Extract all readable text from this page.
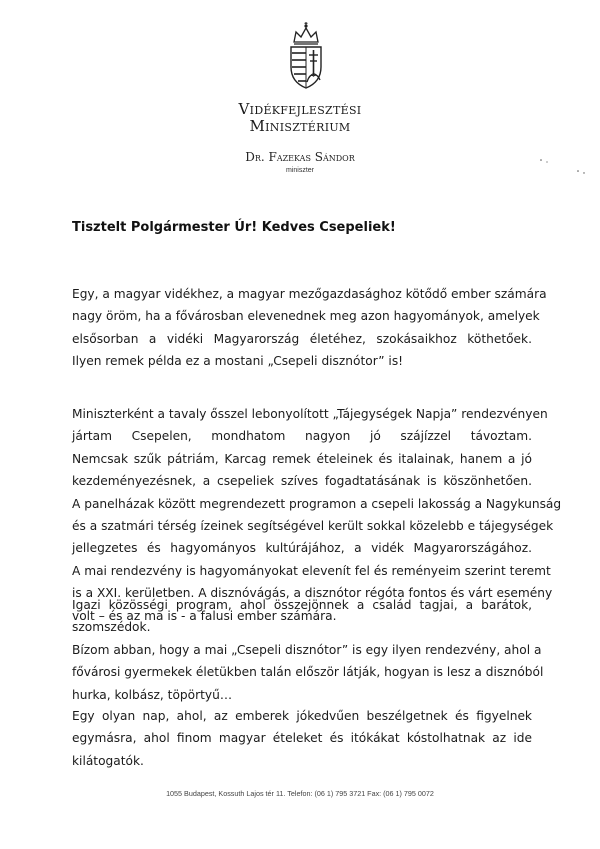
Vidékfejlesztési
Minisztérium
Dr. Fazekas Sándor
miniszter
Tisztelt Polgármester Úr! Kedves Csepeliek!
Egy, a magyar vidékhez, a magyar mezőgazdasághoz kötődő ember számára
nagy öröm, ha a fővárosban elevenednek meg azon hagyományok, amelyek
elsősorban a vidéki Magyarország életéhez, szokásaikhoz köthetőek.
Ilyen remek példa ez a mostani „Csepeli disznótor” is!
Miniszterként a tavaly ősszel lebonyolított „Tájegységek Napja” rendezvényen
jártam Csepelen, mondhatom nagyon jó szájízzel távoztam.
Nemcsak szűk pátriám, Karcag remek ételeinek és italainak, hanem a jó
kezdeményezésnek, a csepeliek szíves fogadtatásának is köszönhetően.
A panelházak között megrendezett programon a csepeli lakosság a Nagykunság
és a szatmári térség ízeinek segítségével került sokkal közelebb e tájegységek
jellegzetes és hagyományos kultúrájához, a vidék Magyarországához.
A mai rendezvény is hagyományokat elevenít fel és reményeim szerint teremt
is a XXI. kerületben. A disznóvágás, a disznótor régóta fontos és várt esemény
volt – és az ma is - a falusi ember számára.
Igazi közösségi program, ahol összejönnek a család tagjai, a barátok,
szomszédok.
Bízom abban, hogy a mai „Csepeli disznótor” is egy ilyen rendezvény, ahol a
fővárosi gyermekek életükben talán először látják, hogyan is lesz a disznóból
hurka, kolbász, töpörtyű…
Egy olyan nap, ahol, az emberek jókedvűen beszélgetnek és figyelnek
egymásra, ahol finom magyar ételeket és itókákat kóstolhatnak az ide
kilátogatók.
1055 Budapest, Kossuth Lajos tér 11. Telefon: (06 1) 795 3721 Fax: (06 1) 795 0072
